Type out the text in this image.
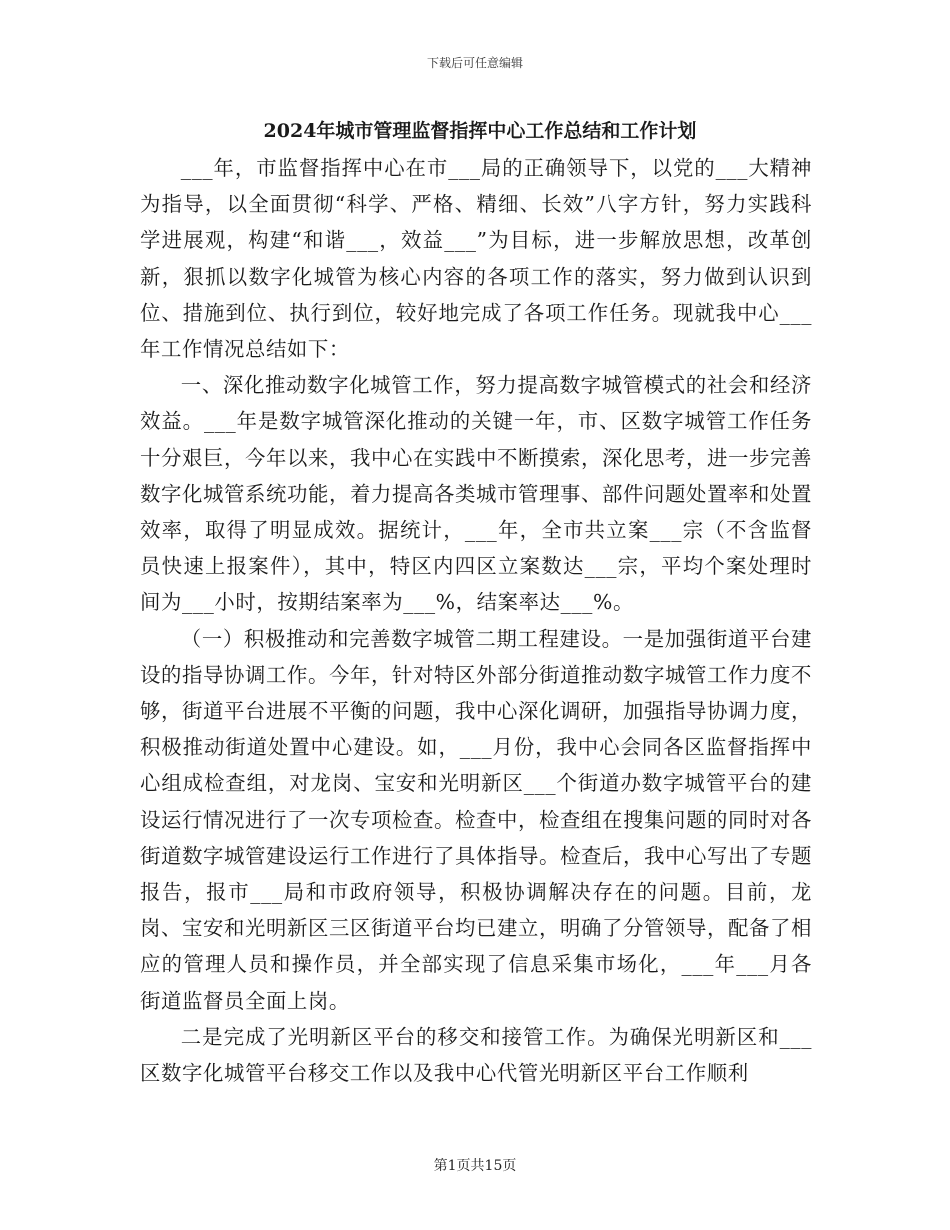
下载后可任意编辑
2024年城市管理监督指挥中心工作总结和工作计划

___年，市监督指挥中心在市___局的正确领导下，以党的___大精神为指导，以全面贯彻“科学、严格、精细、长效”八字方针，努力实践科学进展观，构建“和谐___，效益___”为目标，进一步解放思想，改革创新，狠抓以数字化城管为核心内容的各项工作的落实，努力做到认识到位、措施到位、执行到位，较好地完成了各项工作任务。现就我中心___年工作情况总结如下：

一、深化推动数字化城管工作，努力提高数字城管模式的社会和经济效益。___年是数字城管深化推动的关键一年，市、区数字城管工作任务十分艰巨，今年以来，我中心在实践中不断摸索，深化思考，进一步完善数字化城管系统功能，着力提高各类城市管理事、部件问题处置率和处置效率，取得了明显成效。据统计，___年，全市共立案___宗（不含监督员快速上报案件），其中，特区内四区立案数达___宗，平均个案处理时间为___小时，按期结案率为___%，结案率达___%。

（一）积极推动和完善数字城管二期工程建设。一是加强街道平台建设的指导协调工作。今年，针对特区外部分街道推动数字城管工作力度不够，街道平台进展不平衡的问题，我中心深化调研，加强指导协调力度，积极推动街道处置中心建设。如，___月份，我中心会同各区监督指挥中心组成检查组，对龙岗、宝安和光明新区___个街道办数字城管平台的建设运行情况进行了一次专项检查。检查中，检查组在搜集问题的同时对各街道数字城管建设运行工作进行了具体指导。检查后，我中心写出了专题报告，报市___局和市政府领导，积极协调解决存在的问题。目前，龙岗、宝安和光明新区三区街道平台均已建立，明确了分管领导，配备了相应的管理人员和操作员，并全部实现了信息采集市场化，___年___月各街道监督员全面上岗。

二是完成了光明新区平台的移交和接管工作。为确保光明新区和___区数字化城管平台移交工作以及我中心代管光明新区平台工作顺利

第1页共15页
